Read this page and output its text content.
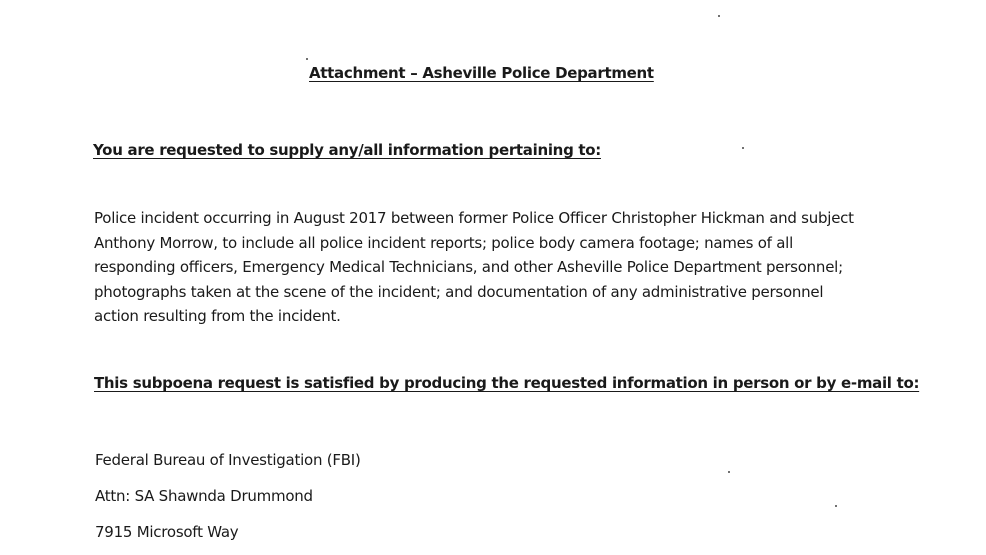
Attachment – Asheville Police Department
You are requested to supply any/all information pertaining to:
Police incident occurring in August 2017 between former Police Officer Christopher Hickman and subject
Anthony Morrow, to include all police incident reports; police body camera footage; names of all
responding officers, Emergency Medical Technicians, and other Asheville Police Department personnel;
photographs taken at the scene of the incident; and documentation of any administrative personnel
action resulting from the incident.
This subpoena request is satisfied by producing the requested information in person or by e-mail to:
Federal Bureau of Investigation (FBI)
Attn: SA Shawnda Drummond
7915 Microsoft Way
